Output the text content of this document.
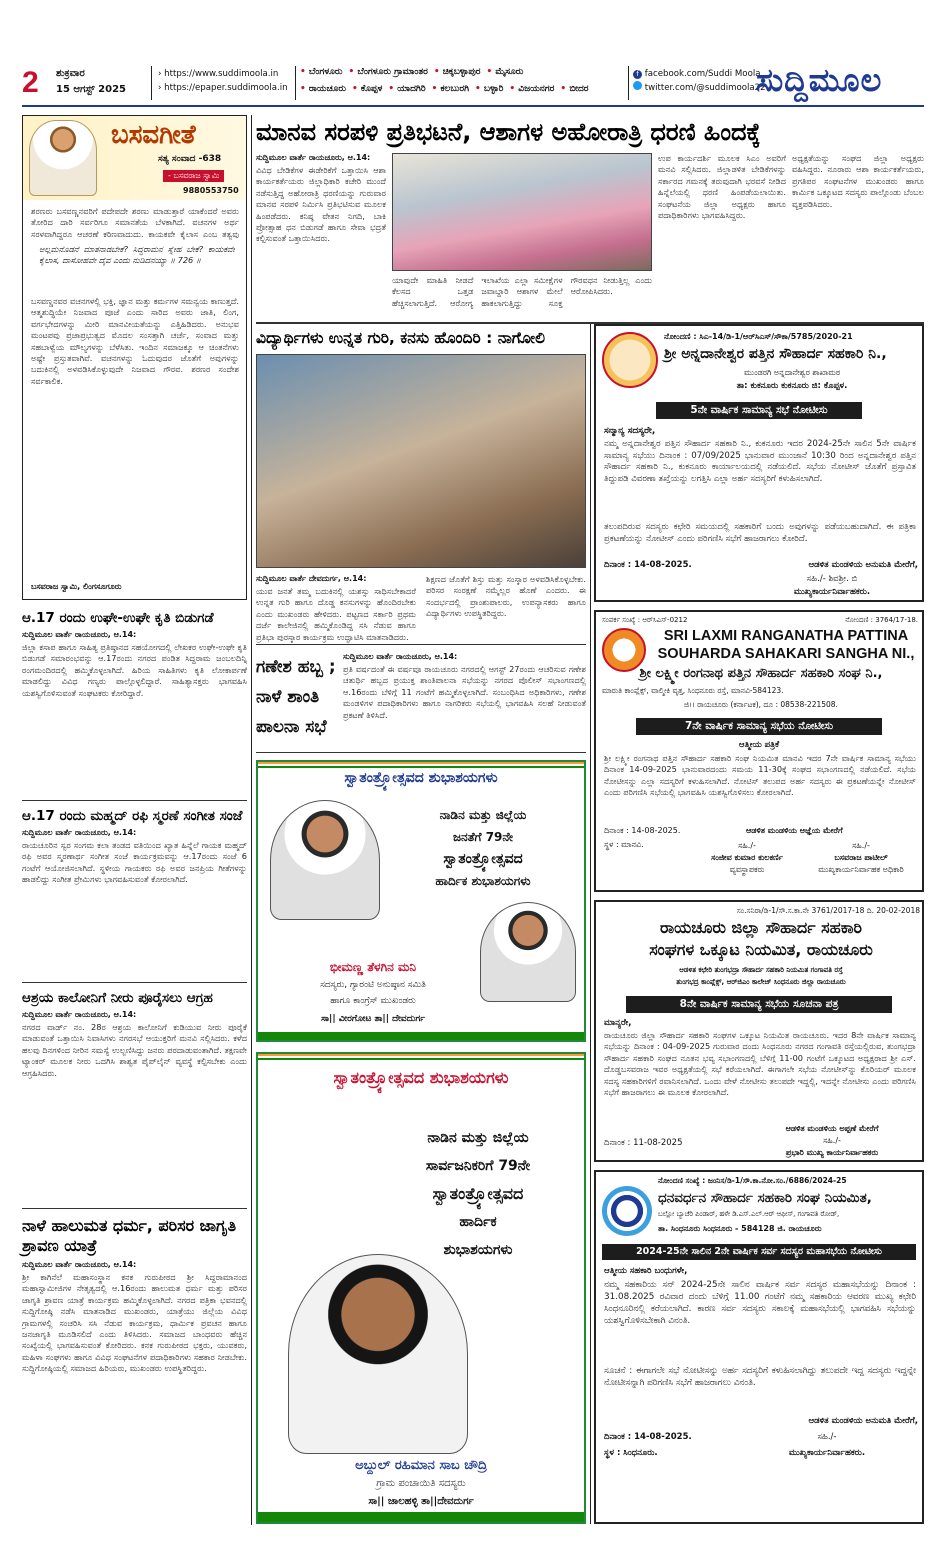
2 ಶುಕ್ರವಾರ
15 ಆಗಸ್ಟ್ 2025
› https://www.suddimoola.in
› https://epaper.suddimoola.in
• ಬೆಂಗಳೂರು • ಬೆಂಗಳೂರು ಗ್ರಾಮಾಂತರ • ಚಿಕ್ಕಬಳ್ಳಾಪುರ • ಮೈಸೂರು
• ರಾಯಚೂರು • ಕೊಪ್ಪಳ • ಯಾದಗಿರಿ • ಕಲಬುರಗಿ • ಬಳ್ಳಾರಿ • ವಿಜಯನಗರ • ಬೀದರ
f facebook.com/Suddi Moola
twitter.com/@suddimoola22
ಸುದ್ದಿಮೂಲ
ಬಸವಗೀತೆ
ಸತ್ಯ ಸಂವಾದ -638
- ಬಸವರಾಜ ಸ್ವಾಮಿ
9880553750
ಶರಣರು ಬಸವಣ್ಣನವರಿಗೆ ಪದೇಪದೇ ಶರಣು ಮಾಡುತ್ತಾರೆ ಯಾಕೆಂದರೆ ಅವರು ತೋರಿದ ದಾರಿ ಸರ್ವರಿಗೂ ಸಮಾನತೆಯ ಬೆಳಕಾಗಿದೆ. ವಚನಗಳ ಅರ್ಥ ಸರಳವಾಗಿದ್ದರೂ ಆಚರಣೆ ಕಠಿಣವಾದುದು. ಕಾಯಕವೇ ಕೈಲಾಸ ಎಂಬ ತತ್ವವು
ಅಲ್ಲಮನೊಡನೆ ಮಾತನಾಡಬೇಕೆ? ಸಿದ್ಧರಾಮನ ಸ್ನೇಹ ಬೇಕೆ? ಕಾಯಕವೇ ಕೈಲಾಸ, ದಾಸೋಹವೇ ದೈವ ಎಂದು ನುಡಿದನಯ್ಯಾ ॥ 726 ॥
ಬಸವಣ್ಣನವರ ವಚನಗಳಲ್ಲಿ ಭಕ್ತಿ, ಜ್ಞಾನ ಮತ್ತು ಕರ್ಮಗಳ ಸಮನ್ವಯ ಕಾಣುತ್ತದೆ. ಆತ್ಮಶುದ್ಧಿಯೇ ನಿಜವಾದ ಪೂಜೆ ಎಂದು ಸಾರಿದ ಅವರು ಜಾತಿ, ಲಿಂಗ, ವರ್ಗಭೇದಗಳನ್ನು ಮೀರಿ ಮಾನವೀಯತೆಯನ್ನು ಎತ್ತಿಹಿಡಿದರು. ಅನುಭವ ಮಂಟಪವು ಪ್ರಜಾಪ್ರಭುತ್ವದ ಮೊದಲ ಸಂಸತ್ತಾಗಿ ಚರ್ಚೆ, ಸಂವಾದ ಮತ್ತು ಸಹಬಾಳ್ವೆಯ ಮೌಲ್ಯಗಳನ್ನು ಬೆಳೆಸಿತು. ಇಂದಿನ ಸಮಾಜಕ್ಕೂ ಆ ಚಿಂತನೆಗಳು ಅಷ್ಟೇ ಪ್ರಸ್ತುತವಾಗಿವೆ. ವಚನಗಳನ್ನು ಓದುವುದರ ಜೊತೆಗೆ ಅವುಗಳನ್ನು ಬದುಕಿನಲ್ಲಿ ಅಳವಡಿಸಿಕೊಳ್ಳುವುದೇ ನಿಜವಾದ ಗೌರವ. ಶರಣರ ಸಂದೇಶ ಸರ್ವಕಾಲಿಕ.
ಬಸವರಾಜ ಸ್ವಾಮಿ, ಲಿಂಗಸೂಗೂರು
ಆ.17 ರಂದು ಉಘೇ-ಉಘೇ ಕೃತಿ ಬಿಡುಗಡೆ
ಸುದ್ದಿಮೂಲ ವಾರ್ತೆ ರಾಯಚೂರು, ಆ.14:
ಜಿಲ್ಲಾ ಕಸಾಪ ಹಾಗೂ ಸಾಹಿತ್ಯ ಪ್ರತಿಷ್ಠಾನದ ಸಹಯೋಗದಲ್ಲಿ ಲೇಖಕರ ಉಘೇ-ಉಘೇ ಕೃತಿ ಬಿಡುಗಡೆ ಸಮಾರಂಭವನ್ನು ಆ.17ರಂದು ನಗರದ ಪಂಡಿತ ಸಿದ್ದರಾಮ ಜಂಬಲದಿನ್ನಿ ರಂಗಮಂದಿರದಲ್ಲಿ ಹಮ್ಮಿಕೊಳ್ಳಲಾಗಿದೆ. ಹಿರಿಯ ಸಾಹಿತಿಗಳು ಕೃತಿ ಲೋಕಾರ್ಪಣೆ ಮಾಡಲಿದ್ದು ವಿವಿಧ ಗಣ್ಯರು ಪಾಲ್ಗೊಳ್ಳಲಿದ್ದಾರೆ. ಸಾಹಿತ್ಯಾಸಕ್ತರು ಭಾಗವಹಿಸಿ ಯಶಸ್ವಿಗೊಳಿಸುವಂತೆ ಸಂಘಟಕರು ಕೋರಿದ್ದಾರೆ.
ಆ.17 ರಂದು ಮಹ್ಮದ್ ರಫಿ ಸ್ಮರಣೆ ಸಂಗೀತ ಸಂಜೆ
ಸುದ್ದಿಮೂಲ ವಾರ್ತೆ ರಾಯಚೂರು, ಆ.14:
ರಾಯಚೂರಿನ ಸ್ವರ ಸಂಗಮ ಕಲಾ ತಂಡದ ವತಿಯಿಂದ ಖ್ಯಾತ ಹಿನ್ನೆಲೆ ಗಾಯಕ ಮಹ್ಮದ್ ರಫಿ ಅವರ ಸ್ಮರಣಾರ್ಥ ಸಂಗೀತ ಸಂಜೆ ಕಾರ್ಯಕ್ರಮವನ್ನು ಆ.17ರಂದು ಸಂಜೆ 6 ಗಂಟೆಗೆ ಆಯೋಜಿಸಲಾಗಿದೆ. ಸ್ಥಳೀಯ ಗಾಯಕರು ರಫಿ ಅವರ ಜನಪ್ರಿಯ ಗೀತೆಗಳನ್ನು ಹಾಡಲಿದ್ದು ಸಂಗೀತ ಪ್ರೇಮಿಗಳು ಭಾಗವಹಿಸುವಂತೆ ಕೋರಲಾಗಿದೆ.
ಆಶ್ರಯ ಕಾಲೋನಿಗೆ ನೀರು ಪೂರೈಸಲು ಆಗ್ರಹ
ಸುದ್ದಿಮೂಲ ವಾರ್ತೆ ರಾಯಚೂರು, ಆ.14:
ನಗರದ ವಾರ್ಡ್ ನಂ. 28ರ ಆಶ್ರಯ ಕಾಲೋನಿಗೆ ಕುಡಿಯುವ ನೀರು ಪೂರೈಕೆ ಮಾಡುವಂತೆ ಒತ್ತಾಯಿಸಿ ನಿವಾಸಿಗಳು ನಗರಸಭೆ ಆಯುಕ್ತರಿಗೆ ಮನವಿ ಸಲ್ಲಿಸಿದರು. ಕಳೆದ ಹಲವು ದಿನಗಳಿಂದ ನೀರಿನ ಸಮಸ್ಯೆ ಉಲ್ಬಣಿಸಿದ್ದು ಜನರು ಪರದಾಡುವಂತಾಗಿದೆ. ತಕ್ಷಣವೇ ಟ್ಯಾಂಕರ್ ಮೂಲಕ ನೀರು ಒದಗಿಸಿ ಶಾಶ್ವತ ಪೈಪ್‌ಲೈನ್ ವ್ಯವಸ್ಥೆ ಕಲ್ಪಿಸಬೇಕು ಎಂದು ಆಗ್ರಹಿಸಿದರು.
ನಾಳೆ ಹಾಲುಮತ ಧರ್ಮ, ಪರಿಸರ ಜಾಗೃತಿ ಶ್ರಾವಣ ಯಾತ್ರೆ
ಸುದ್ದಿಮೂಲ ವಾರ್ತೆ ರಾಯಚೂರು, ಆ.14:
ಶ್ರೀ ಕಾಗಿನೆಲೆ ಮಹಾಸಂಸ್ಥಾನ ಕನಕ ಗುರುಪೀಠದ ಶ್ರೀ ಸಿದ್ದರಾಮಾನಂದ ಮಹಾಸ್ವಾಮೀಜಿಗಳ ನೇತೃತ್ವದಲ್ಲಿ ಆ.16ರಂದು ಹಾಲುಮತ ಧರ್ಮ ಮತ್ತು ಪರಿಸರ ಜಾಗೃತಿ ಶ್ರಾವಣ ಯಾತ್ರೆ ಕಾರ್ಯಕ್ರಮ ಹಮ್ಮಿಕೊಳ್ಳಲಾಗಿದೆ. ನಗರದ ಪತ್ರಿಕಾ ಭವನದಲ್ಲಿ ಸುದ್ದಿಗೋಷ್ಠಿ ನಡೆಸಿ ಮಾತನಾಡಿದ ಮುಖಂಡರು, ಯಾತ್ರೆಯು ಜಿಲ್ಲೆಯ ವಿವಿಧ ಗ್ರಾಮಗಳಲ್ಲಿ ಸಂಚರಿಸಿ ಸಸಿ ನೆಡುವ ಕಾರ್ಯಕ್ರಮ, ಧಾರ್ಮಿಕ ಪ್ರವಚನ ಹಾಗೂ ಜನಜಾಗೃತಿ ಮೂಡಿಸಲಿದೆ ಎಂದು ತಿಳಿಸಿದರು. ಸಮಾಜದ ಬಾಂಧವರು ಹೆಚ್ಚಿನ ಸಂಖ್ಯೆಯಲ್ಲಿ ಭಾಗವಹಿಸುವಂತೆ ಕೋರಿದರು. ಕನಕ ಗುರುಪೀಠದ ಭಕ್ತರು, ಯುವಕರು, ಮಹಿಳಾ ಸಂಘಗಳು ಹಾಗೂ ವಿವಿಧ ಸಂಘಟನೆಗಳ ಪದಾಧಿಕಾರಿಗಳು ಸಹಕಾರ ನೀಡಬೇಕು. ಸುದ್ದಿಗೋಷ್ಠಿಯಲ್ಲಿ ಸಮಾಜದ ಹಿರಿಯರು, ಮುಖಂಡರು ಉಪಸ್ಥಿತರಿದ್ದರು.
ಮಾನವ ಸರಪಳಿ ಪ್ರತಿಭಟನೆ, ಆಶಾಗಳ ಅಹೋರಾತ್ರಿ ಧರಣಿ ಹಿಂದಕ್ಕೆ
ಸುದ್ದಿಮೂಲ ವಾರ್ತೆ ರಾಯಚೂರು, ಆ.14:
ವಿವಿಧ ಬೇಡಿಕೆಗಳ ಈಡೇರಿಕೆಗೆ ಒತ್ತಾಯಿಸಿ ಆಶಾ ಕಾರ್ಯಕರ್ತೆಯರು ಜಿಲ್ಲಾಧಿಕಾರಿ ಕಚೇರಿ ಮುಂದೆ ನಡೆಸುತ್ತಿದ್ದ ಅಹೋರಾತ್ರಿ ಧರಣಿಯನ್ನು ಗುರುವಾರ ಮಾನವ ಸರಪಳಿ ನಿರ್ಮಿಸಿ ಪ್ರತಿಭಟಿಸುವ ಮೂಲಕ ಹಿಂಪಡೆದರು. ಕನಿಷ್ಠ ವೇತನ ನಿಗದಿ, ಬಾಕಿ ಪ್ರೋತ್ಸಾಹ ಧನ ಬಿಡುಗಡೆ ಹಾಗೂ ಸೇವಾ ಭದ್ರತೆ ಕಲ್ಪಿಸುವಂತೆ ಒತ್ತಾಯಿಸಿದರು.
ಯಾವುದೇ ಮಾಹಿತಿ ನೀಡದೆ ಕೆಲಸದ ಒತ್ತಡ ಹೆಚ್ಚಿಸಲಾಗುತ್ತಿದೆ. ಆರೋಗ್ಯ ಇಲಾಖೆಯ ಎಲ್ಲಾ ಸಮೀಕ್ಷೆಗಳ ಜವಾಬ್ದಾರಿ ಆಶಾಗಳ ಮೇಲೆ ಹಾಕಲಾಗುತ್ತಿದ್ದು ಸೂಕ್ತ ಗೌರವಧನ ನೀಡುತ್ತಿಲ್ಲ ಎಂದು ಆರೋಪಿಸಿದರು.
ಉಪ ಕಾರ್ಯದರ್ಶಿ ಮೂಲಕ ಸಿಎಂ ಅವರಿಗೆ ಮನವಿ ಸಲ್ಲಿಸಿದರು. ಜಿಲ್ಲಾಡಳಿತ ಬೇಡಿಕೆಗಳನ್ನು ಸರ್ಕಾರದ ಗಮನಕ್ಕೆ ತರುವುದಾಗಿ ಭರವಸೆ ನೀಡಿದ ಹಿನ್ನೆಲೆಯಲ್ಲಿ ಧರಣಿ ಹಿಂಪಡೆಯಲಾಯಿತು. ಸಂಘಟನೆಯ ಜಿಲ್ಲಾ ಅಧ್ಯಕ್ಷರು ಹಾಗೂ ಪದಾಧಿಕಾರಿಗಳು ಭಾಗವಹಿಸಿದ್ದರು.
ಅಧ್ಯಕ್ಷತೆಯನ್ನು ಸಂಘದ ಜಿಲ್ಲಾ ಅಧ್ಯಕ್ಷರು ವಹಿಸಿದ್ದರು. ನೂರಾರು ಆಶಾ ಕಾರ್ಯಕರ್ತೆಯರು, ಪ್ರಗತಿಪರ ಸಂಘಟನೆಗಳ ಮುಖಂಡರು ಹಾಗೂ ಕಾರ್ಮಿಕ ಒಕ್ಕೂಟದ ಸದಸ್ಯರು ಪಾಲ್ಗೊಂಡು ಬೆಂಬಲ ವ್ಯಕ್ತಪಡಿಸಿದರು.
ವಿದ್ಯಾರ್ಥಿಗಳು ಉನ್ನತ ಗುರಿ, ಕನಸು ಹೊಂದಿರಿ : ನಾಗೋಲಿ
ಸುದ್ದಿಮೂಲ ವಾರ್ತೆ ದೇವದುರ್ಗ, ಆ.14:
ಯುವ ಜನತೆ ತಮ್ಮ ಬದುಕಿನಲ್ಲಿ ಯಶಸ್ಸು ಸಾಧಿಸಬೇಕಾದರೆ ಉನ್ನತ ಗುರಿ ಹಾಗೂ ದೊಡ್ಡ ಕನಸುಗಳನ್ನು ಹೊಂದಿರಬೇಕು ಎಂದು ಮುಖಂಡರು ಹೇಳಿದರು. ಪಟ್ಟಣದ ಸರ್ಕಾರಿ ಪ್ರಥಮ ದರ್ಜೆ ಕಾಲೇಜಿನಲ್ಲಿ ಹಮ್ಮಿಕೊಂಡಿದ್ದ ಸಸಿ ನೆಡುವ ಹಾಗೂ ಪ್ರತಿಭಾ ಪುರಸ್ಕಾರ ಕಾರ್ಯಕ್ರಮ ಉದ್ಘಾಟಿಸಿ ಮಾತನಾಡಿದರು.
ಶಿಕ್ಷಣದ ಜೊತೆಗೆ ಶಿಸ್ತು ಮತ್ತು ಸಂಸ್ಕಾರ ಅಳವಡಿಸಿಕೊಳ್ಳಬೇಕು. ಪರಿಸರ ಸಂರಕ್ಷಣೆ ನಮ್ಮೆಲ್ಲರ ಹೊಣೆ ಎಂದರು. ಈ ಸಂದರ್ಭದಲ್ಲಿ ಪ್ರಾಂಶುಪಾಲರು, ಉಪನ್ಯಾಸಕರು ಹಾಗೂ ವಿದ್ಯಾರ್ಥಿಗಳು ಉಪಸ್ಥಿತರಿದ್ದರು.
ಗಣೇಶ ಹಬ್ಬ ; ನಾಳೆ ಶಾಂತಿ ಪಾಲನಾ ಸಭೆ
ಸುದ್ದಿಮೂಲ ವಾರ್ತೆ ರಾಯಚೂರು, ಆ.14:
ಪ್ರತಿ ವರ್ಷದಂತೆ ಈ ವರ್ಷವೂ ರಾಯಚೂರು ನಗರದಲ್ಲಿ ಆಗಸ್ಟ್ 27ರಂದು ಆಚರಿಸುವ ಗಣೇಶ ಚತುರ್ಥಿ ಹಬ್ಬದ ಪ್ರಯುಕ್ತ ಶಾಂತಿಪಾಲನಾ ಸಭೆಯನ್ನು ನಗರದ ಪೊಲೀಸ್ ಸಭಾಂಗಣದಲ್ಲಿ ಆ.16ರಂದು ಬೆಳಿಗ್ಗೆ 11 ಗಂಟೆಗೆ ಹಮ್ಮಿಕೊಳ್ಳಲಾಗಿದೆ. ಸಂಬಂಧಿಸಿದ ಅಧಿಕಾರಿಗಳು, ಗಣೇಶ ಮಂಡಳಿಗಳ ಪದಾಧಿಕಾರಿಗಳು ಹಾಗೂ ನಾಗರಿಕರು ಸಭೆಯಲ್ಲಿ ಭಾಗವಹಿಸಿ ಸಲಹೆ ನೀಡುವಂತೆ ಪ್ರಕಟಣೆ ತಿಳಿಸಿದೆ.
ಸ್ವಾತಂತ್ರ್ಯೋತ್ಸವದ ಶುಭಾಶಯಗಳು
ನಾಡಿನ ಮತ್ತು ಜಿಲ್ಲೆಯ
ಜನತೆಗೆ 79ನೇ
ಸ್ವಾತಂತ್ರ್ಯೋತ್ಸವದ
ಹಾರ್ದಿಕ ಶುಭಾಶಯಗಳು
ಭೀಮಣ್ಣ ತೆಳಗಿನ ಮನಿ
ಸದಸ್ಯರು, ಗ್ಯಾರಂಟಿ ಅನುಷ್ಠಾನ ಸಮಿತಿ
ಹಾಗೂ ಕಾಂಗ್ರೆಸ್ ಮುಖಂಡರು
ಸಾ|| ವೀರಗೋಟ ತಾ|| ದೇವದುರ್ಗ
ಸ್ವಾತಂತ್ರ್ಯೋತ್ಸವದ ಶುಭಾಶಯಗಳು
ನಾಡಿನ ಮತ್ತು ಜಿಲ್ಲೆಯ
ಸಾರ್ವಜನಿಕರಿಗೆ 79ನೇ
ಸ್ವಾತಂತ್ರ್ಯೋತ್ಸವದ
ಹಾರ್ದಿಕ
ಶುಭಾಶಯಗಳು
ಅಬ್ದುಲ್ ರಹಿಮಾನ ಸಾಬ ಚೌದ್ರಿ
ಗ್ರಾಮ ಪಂಚಾಯಿತಿ ಸದಸ್ಯರು
ಸಾ|| ಜಾಲಹಳ್ಳಿ ತಾ||ದೇವದುರ್ಗ
ನೋಂದಣಿ : ಸಿಎ-14/ಡಿ-1/ಆರ್‌ಸಿಎಸ್/ಸೌಕಾ/5785/2020-21
ಶ್ರೀ ಅನ್ನದಾನೇಶ್ವರ ಪತ್ತಿನ ಸೌಹಾರ್ದ ಸಹಕಾರಿ ನಿ.,
ಮುಂಡರಗಿ ಅನ್ನದಾನೇಶ್ವರ ಶಾಖಾಮಠ
ತಾ: ಕುಕನೂರು ಕುಕನೂರು ಜಿ: ಕೊಪ್ಪಳ.
5ನೇ ವಾರ್ಷಿಕ ಸಾಮಾನ್ಯ ಸಭೆ ನೋಟೀಸು
ಸನ್ಮಾನ್ಯ ಸದಸ್ಯರೇ,
ನಮ್ಮ ಅನ್ನದಾನೇಶ್ವರ ಪತ್ತಿನ ಸೌಹಾರ್ದ ಸಹಕಾರಿ ನಿ., ಕುಕನೂರು ಇದರ 2024-25ನೇ ಸಾಲಿನ 5ನೇ ವಾರ್ಷಿಕ ಸಾಮಾನ್ಯ ಸಭೆಯು ದಿನಾಂಕ : 07/09/2025 ಭಾನುವಾರ ಮುಂಜಾನೆ 10:30 ರಿಂದ ಅನ್ನದಾನೇಶ್ವರ ಪತ್ತಿನ ಸೌಹಾರ್ದ ಸಹಕಾರಿ ನಿ., ಕುಕನೂರು ಕಾರ್ಯಾಲಯದಲ್ಲಿ ನಡೆಯಲಿದೆ. ಸಭೆಯ ನೋಟೀಸ್ ಜೊತೆಗೆ ಪ್ರಸ್ತಾವಿತ ತಿದ್ದುಪಡಿ ವಿವರಣಾ ತಖ್ತೆಯನ್ನು ಲಗತ್ತಿಸಿ ಎಲ್ಲಾ ಅರ್ಹ ಸದಸ್ಯರಿಗೆ ಕಳುಹಿಸಲಾಗಿದೆ.
ತಲುಪದಿರುವ ಸದಸ್ಯರು ಕಛೇರಿ ಸಮಯದಲ್ಲಿ ಸಹಕಾರಿಗೆ ಬಂದು ಅವುಗಳನ್ನು ಪಡೆಯಬಹುದಾಗಿದೆ. ಈ ಪತ್ರಿಕಾ ಪ್ರಕಟಣೆಯನ್ನು ನೋಟೀಸ್ ಎಂದು ಪರಿಗಣಿಸಿ ಸಭೆಗೆ ಹಾಜರಾಗಲು ಕೋರಿದೆ.
ದಿನಾಂಕ : 14-08-2025.	ಆಡಳಿತ ಮಂಡಳಿಯ ಅನುಮತಿ ಮೇರೆಗೆ,
ಸಹಿ./- ಶಿವಶ್ರೀ. ಬಿ
ಮುಖ್ಯಕಾರ್ಯನಿರ್ವಾಹಕರು.
ಸಂಪರ್ಕ ಸಂಖ್ಯೆ : ಆರ್‌ಸಿಎಸ್-0212	ನೋಂದಣಿ : 3764/17-18.
SRI LAXMI RANGANATHA PATTINA
SOUHARDA SAHAKARI SANGHA NI.,
ಶ್ರೀ ಲಕ್ಷ್ಮೀ ರಂಗನಾಥ ಪತ್ತಿನ ಸೌಹಾರ್ದ ಸಹಕಾರಿ ಸಂಘ ನಿ.,
ಮಾರುತಿ ಕಾಂಪ್ಲೆಕ್ಸ್, ವಾಲ್ಮೀಕಿ ವೃತ್ತ, ಸಿಂಧನೂರು ರಸ್ತೆ, ಮಾನವಿ-584123.
ಜಿ।। ರಾಯಚೂರು (ಕರ್ನಾಟಕ), ದೂ : 08538-221508.
7ನೇ ವಾರ್ಷಿಕ ಸಾಮಾನ್ಯ ಸಭೆಯ ನೋಟೀಸು
ಆತ್ಮೀಯ ಪತ್ರಿಕೆ
ಶ್ರೀ ಲಕ್ಷ್ಮೀ ರಂಗನಾಥ ಪತ್ತಿನ ಸೌಹಾರ್ದ ಸಹಕಾರಿ ಸಂಘ ನಿಯಮಿತ ಮಾನವಿ ಇದರ 7ನೇ ವಾರ್ಷಿಕ ಸಾಮಾನ್ಯ ಸಭೆಯು ದಿನಾಂಕ 14-09-2025 ಭಾನುವಾರದಂದು ಸಮಯ 11-30ಕ್ಕೆ ಸಂಘದ ಸಭಾಂಗಣದಲ್ಲಿ ನಡೆಯಲಿದೆ. ಸಭೆಯ ನೋಟೀಸನ್ನು ಎಲ್ಲಾ ಸದಸ್ಯರಿಗೆ ಕಳುಹಿಸಲಾಗಿದೆ. ನೋಟಿಸ್ ತಲುಪದ ಅರ್ಹ ಸದಸ್ಯರು ಈ ಪ್ರಕಟಣೆಯನ್ನೇ ನೋಟೀಸ್ ಎಂದು ಪರಿಗಣಿಸಿ ಸಭೆಯಲ್ಲಿ ಭಾಗವಹಿಸಿ ಯಶಸ್ವಿಗೊಳಿಸಲು ಕೋರಲಾಗಿದೆ.
ದಿನಾಂಕ : 14-08-2025.	ಆಡಳಿತ ಮಂಡಳಿಯ ಆಜ್ಞೆಯ ಮೇರೆಗೆ
ಸ್ಥಳ : ಮಾನವಿ.	ಸಹಿ./-
ಸಂಜೀವ ಕುಮಾರ ಕುಲಕರ್ಣಿ
ವ್ಯವಸ್ಥಾಪಕರು
ಸಹಿ./-
ಬಸವರಾಜ ಪಾಟೀಲ್
ಮುಖ್ಯಕಾರ್ಯನಿರ್ವಾಹಕ ಅಧಿಕಾರಿ
ಸಂ.ಸನಿರಾ/ಡಿ-1/ಸೌ.ಸ.ಕಾ.ನೇ 3761/2017-18 ದಿ. 20-02-2018
ರಾಯಚೂರು ಜಿಲ್ಲಾ ಸೌಹಾರ್ದ ಸಹಕಾರಿ
ಸಂಘಗಳ ಒಕ್ಕೂಟ ನಿಯಮಿತ, ರಾಯಚೂರು
ಆಡಳಿತ ಕಛೇರಿ ತುಂಗಭದ್ರಾ ಸೌಹಾರ್ದ ಸಹಕಾರಿ ನಿಯಮಿತ ಗಂಗಾವತಿ ರಸ್ತೆ
ತುಂಗಭದ್ರ ಕಾಂಪ್ಲೆಕ್ಸ್, ಆರ್‌ಜಿಎಂ ಕಾಲೇಜ್ ಸಿಂಧನೂರು ಜಿಲ್ಲಾ ರಾಯಚೂರು
8ನೇ ವಾರ್ಷಿಕ ಸಾಮಾನ್ಯ ಸಭೆಯ ಸೂಚನಾ ಪತ್ರ
ಮಾನ್ಯರೇ,
ರಾಯಚೂರು ಜಿಲ್ಲಾ ಸೌಹಾರ್ದ ಸಹಕಾರಿ ಸಂಘಗಳ ಒಕ್ಕೂಟ ನಿಯಮಿತ ರಾಯಚೂರು. ಇದರ 8ನೇ ವಾರ್ಷಿಕ ಸಾಮಾನ್ಯ ಸಭೆಯನ್ನು ದಿನಾಂಕ : 04-09-2025 ಗುರುವಾರ ದಂದು ಸಿಂಧನೂರು ನಗರದ ಗಂಗಾವತಿ ರಸ್ತೆಯಲ್ಲಿರುವ, ತುಂಗಭದ್ರಾ ಸೌಹಾರ್ದ ಸಹಕಾರಿ ಸಂಘದ ನೂತನ ಭವ್ಯ ಸಭಾಂಗಣದಲ್ಲಿ ಬೆಳಿಗ್ಗೆ 11-00 ಗಂಟೆಗೆ ಒಕ್ಕೂಟದ ಅಧ್ಯಕ್ಷರಾದ ಶ್ರೀ ಎಸ್. ದೊಡ್ಡಬಸವರಾಜ ಇವರ ಅಧ್ಯಕ್ಷತೆಯಲ್ಲಿ ಸಭೆ ಕರೆಯಲಾಗಿದೆ. ಈಗಾಗಲೇ ಸಭೆಯ ನೋಟೀಸ್‌ನ್ನು ಕೊರಿಯರ್ ಮೂಲಕ ಸದಸ್ಯ ಸಹಕಾರಿಗಳಿಗೆ ರವಾನಿಸಲಾಗಿದೆ. ಒಂದು ವೇಳೆ ನೋಟೀಸು ತಲುಪದೇ ಇದ್ದಲ್ಲಿ, ಇದನ್ನೇ ನೋಟೀಸು ಎಂದು ಪರಿಗಣಿಸಿ ಸಭೆಗೆ ಹಾಜರಾಗಲು ಈ ಮೂಲಕ ಕೋರಲಾಗಿದೆ.
ದಿನಾಂಕ : 11-08-2025
ಆಡಳಿತ ಮಂಡಳಿಯ ಅಪ್ಪಣೆ ಮೇರೆಗೆ
ಸಹಿ./-
ಪ್ರಭಾರಿ ಮುಖ್ಯ ಕಾರ್ಯನಿರ್ವಾಹಕರು
ನೋಂದಣಿ ಸಂಖ್ಯೆ : ಜಂನಿಸ/ಡಿ-1/ಸೌ.ಕಾ.ನೋ.ಸಂ./6886/2024-25
ಧನವರ್ಧನ ಸೌಹಾರ್ದ ಸಹಕಾರಿ ಸಂಘ ನಿಯಮಿತ,
ಬಲ್ಲೋ ಬ್ಯಾಚೆರಿ ಪಿಂಡಾರ್, ಹಳೇ ಡಿ.ಎಸ್.ಎಲ್.ಆರ್ ಆಫೀಸ್, ಗಂಗಾವತಿ ರೋಡ್,
ತಾ. ಸಿಂಧನೂರು ಸಿಂಧನೂರು - 584128 ಜಿ. ರಾಯಚೂರು
2024-25ನೇ ಸಾಲಿನ 2ನೇ ವಾರ್ಷಿಕ ಸರ್ವ ಸದಸ್ಯರ ಮಹಾಸಭೆಯ ನೋಟೀಸು
ಆತ್ಮೀಯ ಸಹಕಾರಿ ಬಂಧುಗಳೇ,
ನಮ್ಮ ಸಹಕಾರಿಯ ಸನ್ 2024-25ನೇ ಸಾಲಿನ ವಾರ್ಷಿಕ ಸರ್ವ ಸದಸ್ಯರ ಮಹಾಸಭೆಯನ್ನು ದಿನಾಂಕ : 31.08.2025 ರವಿವಾರ ದಂದು ಬೆಳಿಗ್ಗೆ 11.00 ಗಂಟೆಗೆ ನಮ್ಮ ಸಹಕಾರಿಯ ಆವರಣ ಮುಖ್ಯ ಕಛೇರಿ ಸಿಂಧನೂರಿನಲ್ಲಿ ಕರೆಯಲಾಗಿದೆ. ಕಾರಣ ಸರ್ವ ಸದಸ್ಯರು ಸಕಾಲಕ್ಕೆ ಮಹಾಸಭೆಯಲ್ಲಿ ಭಾಗವಹಿಸಿ ಸಭೆಯನ್ನು ಯಶಸ್ವಿಗೊಳಿಸಬೇಕಾಗಿ ವಿನಂತಿ.
ಸೂಚನೆ : ಈಗಾಗಲೇ ಸಭೆ ನೋಟೀಸನ್ನು ಅರ್ಹ ಸದಸ್ಯರಿಗೆ ಕಳುಹಿಸಲಾಗಿದ್ದು ತಲುಪದೇ ಇದ್ದ ಸದಸ್ಯರು ಇದ್ದನ್ನೇ ನೋಟೀಸನ್ನಾಗಿ ಪರಿಗಣಿಸಿ ಸಭೆಗೆ ಹಾಜರಾಗಲು ವಿನಂತಿ.
ಆಡಳಿತ ಮಂಡಳಿಯ ಅನುಮತಿ ಮೇರೆಗೆ,
ದಿನಾಂಕ : 14-08-2025.	ಸಹಿ./-
ಸ್ಥಳ : ಸಿಂಧನೂರು.	ಮುಖ್ಯಕಾರ್ಯನಿರ್ವಾಹಕರು.
